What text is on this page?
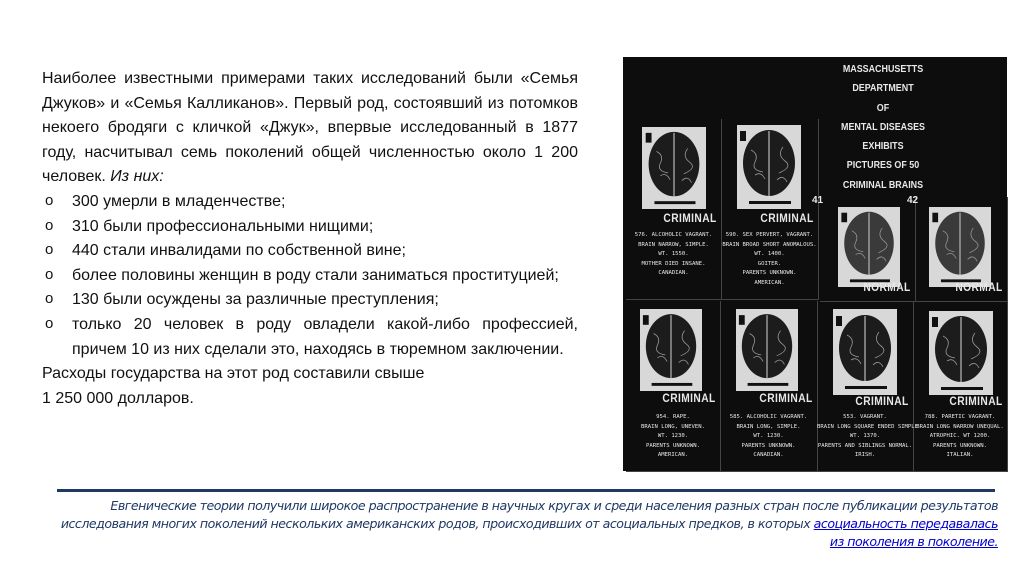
Наиболее известными примерами таких исследований были «Семья Джуков» и «Семья Калликанов». Первый род, состоявший из потомков некоего бродяги с кличкой «Джук», впервые исследованный в 1877 году, насчитывал семь поколений общей численностью около 1 200 человек. Из них:

o 300 умерли в младенчестве;
o 310 были профессиональными нищими;
o 440 стали инвалидами по собственной вине;
o более половины женщин в роду стали заниматься проституцией;
o 130 были осуждены за различные преступления;
o только 20 человек в роду овладели какой-либо профессией, причем 10 из них сделали это, находясь в тюремном заключении.

Расходы государства на этот род составили свыше

1 250 000 долларов.

MASSACHUSETTS
DEPARTMENT
OF
MENTAL DISEASES
EXHIBITS
PICTURES OF 50
CRIMINAL BRAINS
CRIMINAL
576. ALCOHOLIC VAGRANT.
BRAIN NARROW, SIMPLE.
WT. 1550.
MOTHER DIED INSANE.
CANADIAN.
CRIMINAL
590. SEX PERVERT, VAGRANT.
BRAIN BROAD SHORT ANOMALOUS.
WT. 1400.
GOITER.
PARENTS UNKNOWN.
AMERICAN.	NORMAL
41
NORMAL
42
CRIMINAL
954. RAPE.
BRAIN LONG, UNEVEN.
WT. 1230.
PARENTS UNKNOWN.
AMERICAN.
CRIMINAL
585. ALCOHOLIC VAGRANT.
BRAIN LONG, SIMPLE.
WT. 1230.
PARENTS UNKNOWN.
CANADIAN.
CRIMINAL
553. VAGRANT.
BRAIN LONG SQUARE ENDED SIMPLE
WT. 1370.
PARENTS AND SIBLINGS NORMAL.
IRISH.
CRIMINAL
788. PARETIC VAGRANT.
BRAIN LONG NARROW UNEQUAL.
ATROPHIC. WT 1200.
PARENTS UNKNOWN.
ITALIAN.
Евгенические теории получили широкое распространение в научных кругах и среди населения разных стран после публикации результатов исследования многих поколений нескольких американских родов, происходивших от асоциальных предков, в которых асоциальность передавалась из поколения в поколение.
